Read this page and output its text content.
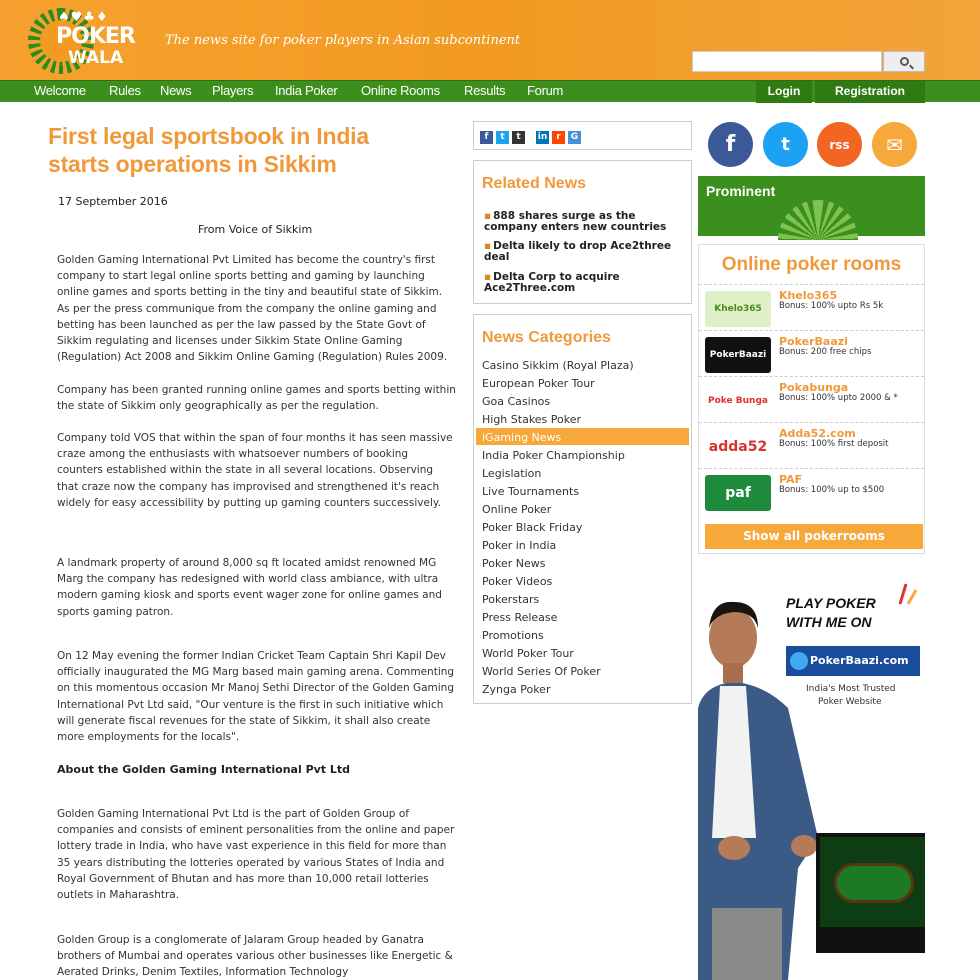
♠♥♣♦
POKER
WALA
The news site for poker players in Asian subcontinent
Welcome Rules News Players India Poker Online Rooms Results Forum	Login	Registration
First legal sportsbook in India
starts operations in Sikkim
17 September 2016
From Voice of Sikkim

Golden Gaming International Pvt Limited has become the country's first company to start legal online sports betting and gaming by launching online games and sports betting in the tiny and beautiful state of Sikkim. As per the press communique from the company the online gaming and betting has been launched as per the law passed by the State Govt of Sikkim regulating and licenses under Sikkim State Online Gaming (Regulation) Act 2008 and Sikkim Online Gaming (Regulation) Rules 2009.

Company has been granted running online games and sports betting within the state of Sikkim only geographically as per the regulation.

Company told VOS that within the span of four months it has seen massive craze among the enthusiasts with whatsoever numbers of booking counters established within the state in all several locations. Observing that craze now the company has improvised and strengthened it's reach widely for easy accessibility by putting up gaming counters successively.

A landmark property of around 8,000 sq ft located amidst renowned MG Marg the company has redesigned with world class ambiance, with ultra modern gaming kiosk and sports event wager zone for online games and sports gaming patron.

On 12 May evening the former Indian Cricket Team Captain Shri Kapil Dev officially inaugurated the MG Marg based main gaming arena. Commenting on this momentous occasion Mr Manoj Sethi Director of the Golden Gaming International Pvt Ltd said, "Our venture is the first in such initiative which will generate fiscal revenues for the state of Sikkim, it shall also create more employments for the locals".

About the Golden Gaming International Pvt Ltd

Golden Gaming International Pvt Ltd is the part of Golden Group of companies and consists of eminent personalities from the online and paper lottery trade in India, who have vast experience in this field for more than 35 years distributing the lotteries operated by various States of India and Royal Government of Bhutan and has more than 10,000 retail lotteries outlets in Maharashtra.

Golden Group is a conglomerate of Jalaram Group headed by Ganatra brothers of Mumbai and operates various other businesses like Energetic & Aerated Drinks, Denim Textiles, Information Technology

f	t	t	in	r	G
Related News
▪ 888 shares surge as the
company enters new countries
▪ Delta likely to drop Ace2three
deal
▪ Delta Corp to acquire
Ace2Three.com
News Categories
Casino Sikkim (Royal Plaza)
European Poker Tour
Goa Casinos
High Stakes Poker
iGaming News
India Poker Championship
Legislation
Live Tournaments
Online Poker
Poker Black Friday
Poker in India
Poker News
Poker Videos
Pokerstars
Press Release
Promotions
World Poker Tour
World Series Of Poker
Zynga Poker
f	t	rss ✉
Prominent
Online poker rooms
Show all pokerrooms
Khelo365
Khelo365
Bonus: 100% upto Rs 5k
PokerBaazi
PokerBaazi
Bonus: 200 free chips
Poke Bunga
Pokabunga
Bonus: 100% upto 2000 & *
adda52
Adda52.com
Bonus: 100% first deposit
paf
PAF
Bonus: 100% up to $500
PLAY POKER
WITH ME ON
PokerBaazi.com
India's Most Trusted
Poker Website
